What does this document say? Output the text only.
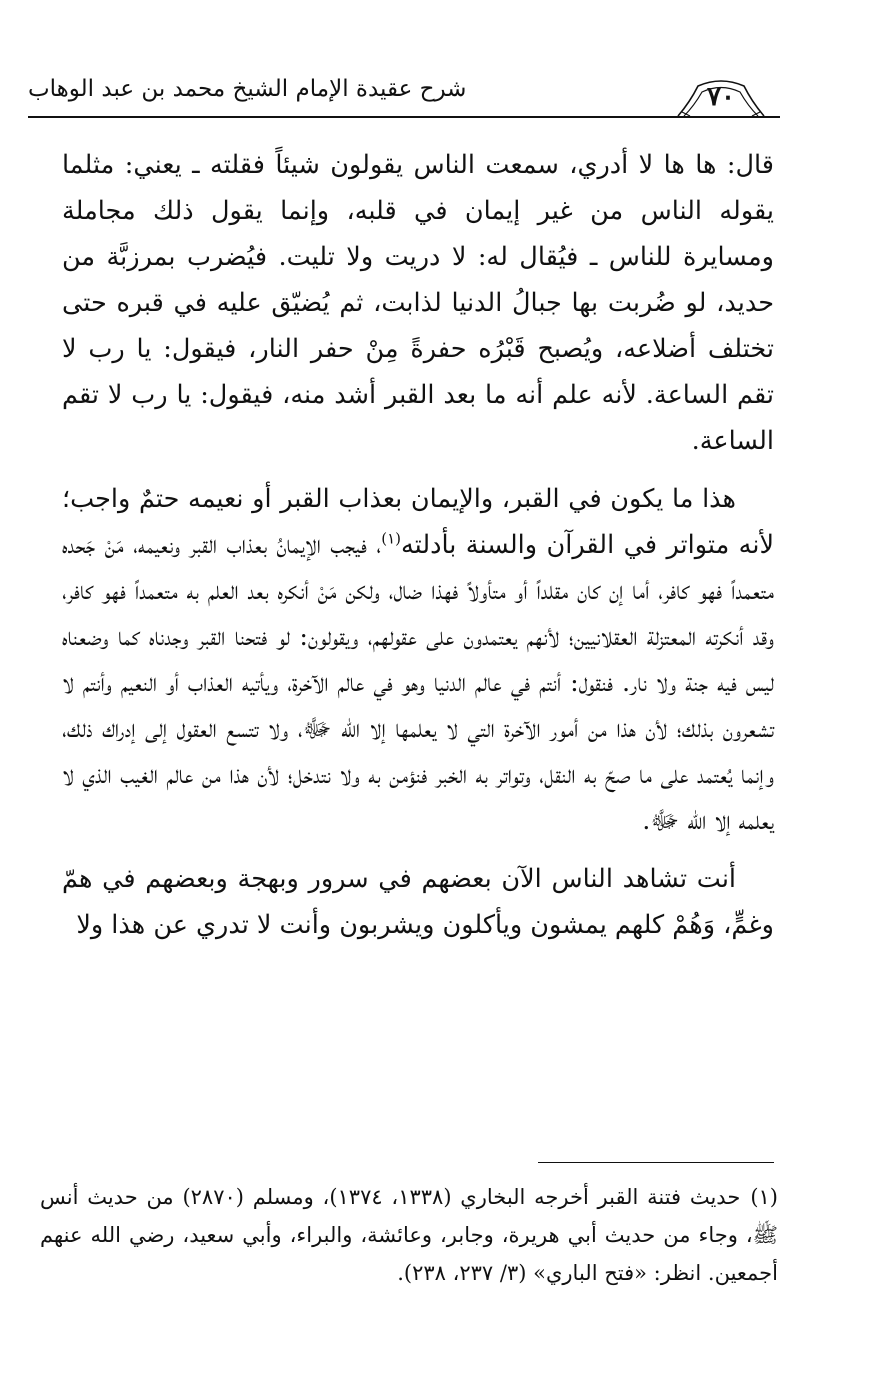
شرح عقيدة الإمام الشيخ محمد بن عبد الوهاب	٧٠

قال: ها ها لا أدري، سمعت الناس يقولون شيئاً فقلته ـ يعني: مثلما يقوله الناس من غير إيمان في قلبه، وإنما يقول ذلك مجاملة ومسايرة للناس ـ فيُقال له: لا دريت ولا تليت. فيُضرب بمرزبَّة من حديد، لو ضُربت بها جبالُ الدنيا لذابت، ثم يُضيّق عليه في قبره حتى تختلف أضلاعه، ويُصبح قَبْرُه حفرةً مِنْ حفر النار، فيقول: يا رب لا تقم الساعة. لأنه علم أنه ما بعد القبر أشد منه، فيقول: يا رب لا تقم الساعة.

هذا ما يكون في القبر، والإيمان بعذاب القبر أو نعيمه حتمٌ واجب؛ لأنه متواتر في القرآن والسنة بأدلته$^{(١)}$، فيجب الإيمانُ بعذاب القبر ونعيمه، مَنْ جَحده متعمداً فهو كافر، أما إن كان مقلداً أو متأولاً فهذا ضال، ولكن مَنْ أنكره بعد العلم به متعمداً فهو كافر، وقد أنكرته المعتزلة العقلانيين؛ لأنهم يعتمدون على عقولهم، ويقولون: لو فتحنا القبر وجدناه كما وضعناه ليس فيه جنة ولا نار. فنقول: أنتم في عالم الدنيا وهو في عالم الآخرة، ويأتيه العذاب أو النعيم وأنتم لا تشعرون بذلك؛ لأن هذا من أمور الآخرة التي لا يعلمها إلا الله ﷻ، ولا تتسع العقول إلى إدراك ذلك، وإنما يُعتمد على ما صحّ به النقل، وتواتر به الخبر فنؤمن به ولا نتدخل؛ لأن هذا من عالم الغيب الذي لا يعلمه إلا الله ﷻ.

أنت تشاهد الناس الآن بعضهم في سرور وبهجة وبعضهم في همّ وغمٍّ، وَهُمْ كلهم يمشون ويأكلون ويشربون وأنت لا تدري عن هذا ولا

(١)حديث فتنة القبر أخرجه البخاري (١٣٣٨، ١٣٧٤)، ومسلم (٢٨٧٠) من حديث أنس ﷺ، وجاء من حديث أبي هريرة، وجابر، وعائشة، والبراء، وأبي سعيد، رضي الله عنهم أجمعين. انظر: «فتح الباري» (٣/ ٢٣٧، ٢٣٨).
